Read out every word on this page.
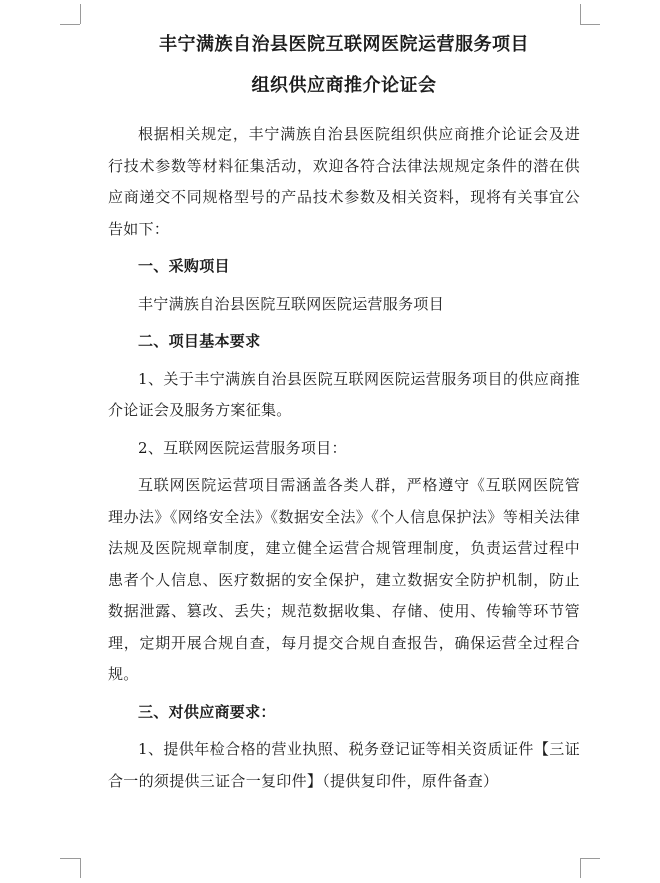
丰宁满族自治县医院互联网医院运营服务项目

组织供应商推介论证会

根据相关规定，丰宁满族自治县医院组织供应商推介论证会及进行技术参数等材料征集活动，欢迎各符合法律法规规定条件的潜在供应商递交不同规格型号的产品技术参数及相关资料，现将有关事宜公告如下：

一、采购项目

丰宁满族自治县医院互联网医院运营服务项目

二、项目基本要求

1、关于丰宁满族自治县医院互联网医院运营服务项目的供应商推介论证会及服务方案征集。

2、互联网医院运营服务项目：

互联网医院运营项目需涵盖各类人群，严格遵守《互联网医院管理办法》《网络安全法》《数据安全法》《个人信息保护法》等相关法律法规及医院规章制度，建立健全运营合规管理制度，负责运营过程中患者个人信息、医疗数据的安全保护，建立数据安全防护机制，防止数据泄露、篡改、丢失；规范数据收集、存储、使用、传输等环节管理，定期开展合规自查，每月提交合规自查报告，确保运营全过程合规。

三、对供应商要求：

1、提供年检合格的营业执照、税务登记证等相关资质证件【三证合一的须提供三证合一复印件】（提供复印件，原件备查）
